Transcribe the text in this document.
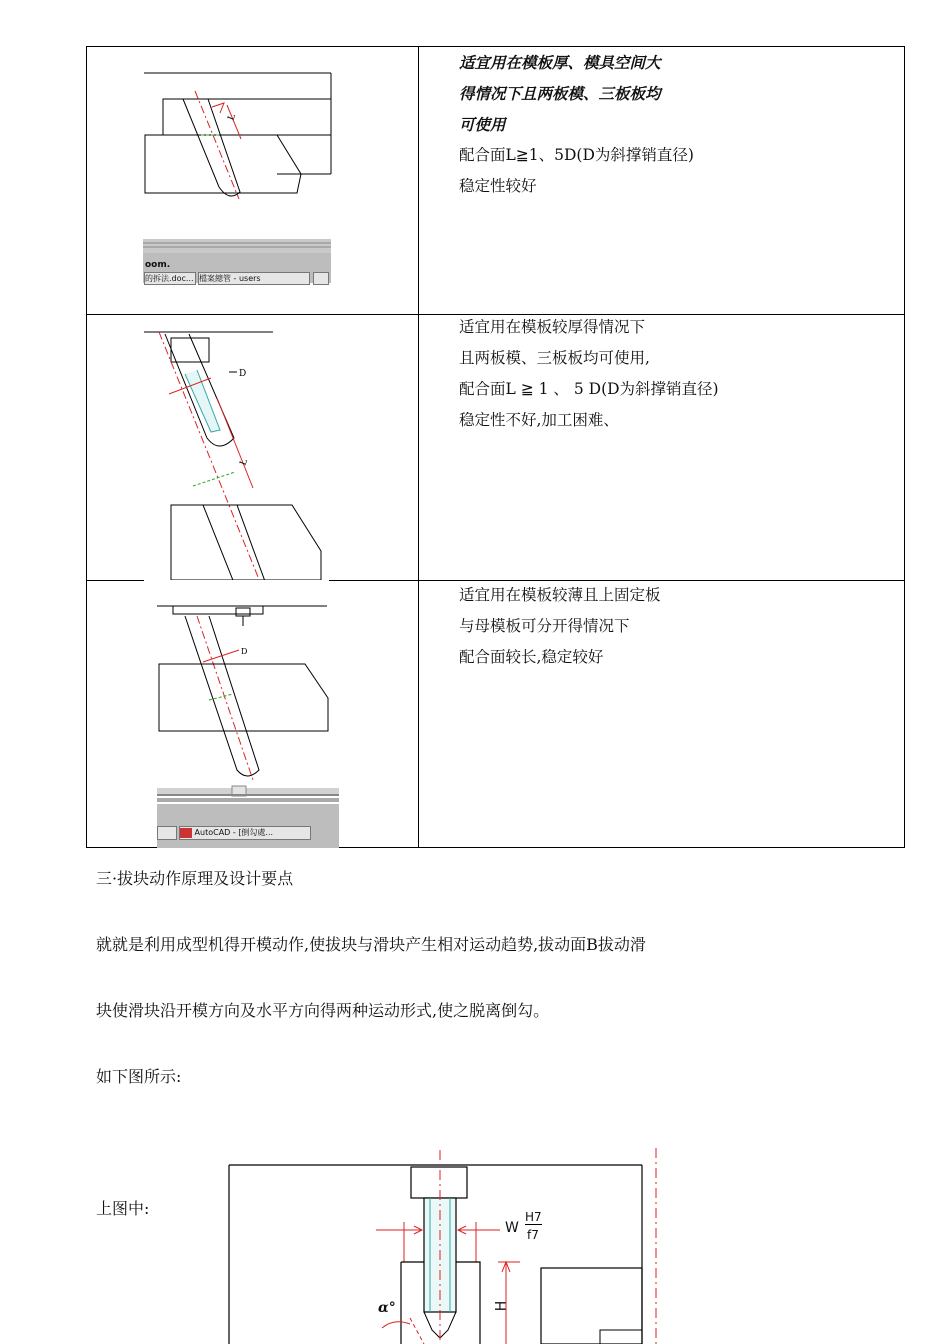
适宜用在模板厚、模具空间大
得情况下且两板模、三板板均
可使用
配合面L≧1、5D(D为斜撑销直径)
稳定性较好
适宜用在模板较厚得情况下
且两板模、三板板均可使用,
配合面L ≧ 1 、 5 D(D为斜撑销直径)
稳定性不好,加工困难、
适宜用在模板较薄且上固定板
与母模板可分开得情况下
配合面较长,稳定较好
L
oom.
的拆法.doc... 檔案總管 - users
D
L
D
AutoCAD - [倒勾處...
三·拔块动作原理及设计要点
就就是利用成型机得开模动作,使拔块与滑块产生相对运动趋势,拔动面B拔动滑
块使滑块沿开模方向及水平方向得两种运动形式,使之脱离倒勾。
如下图所示:
上图中:
W
H7
f7
H
α°
